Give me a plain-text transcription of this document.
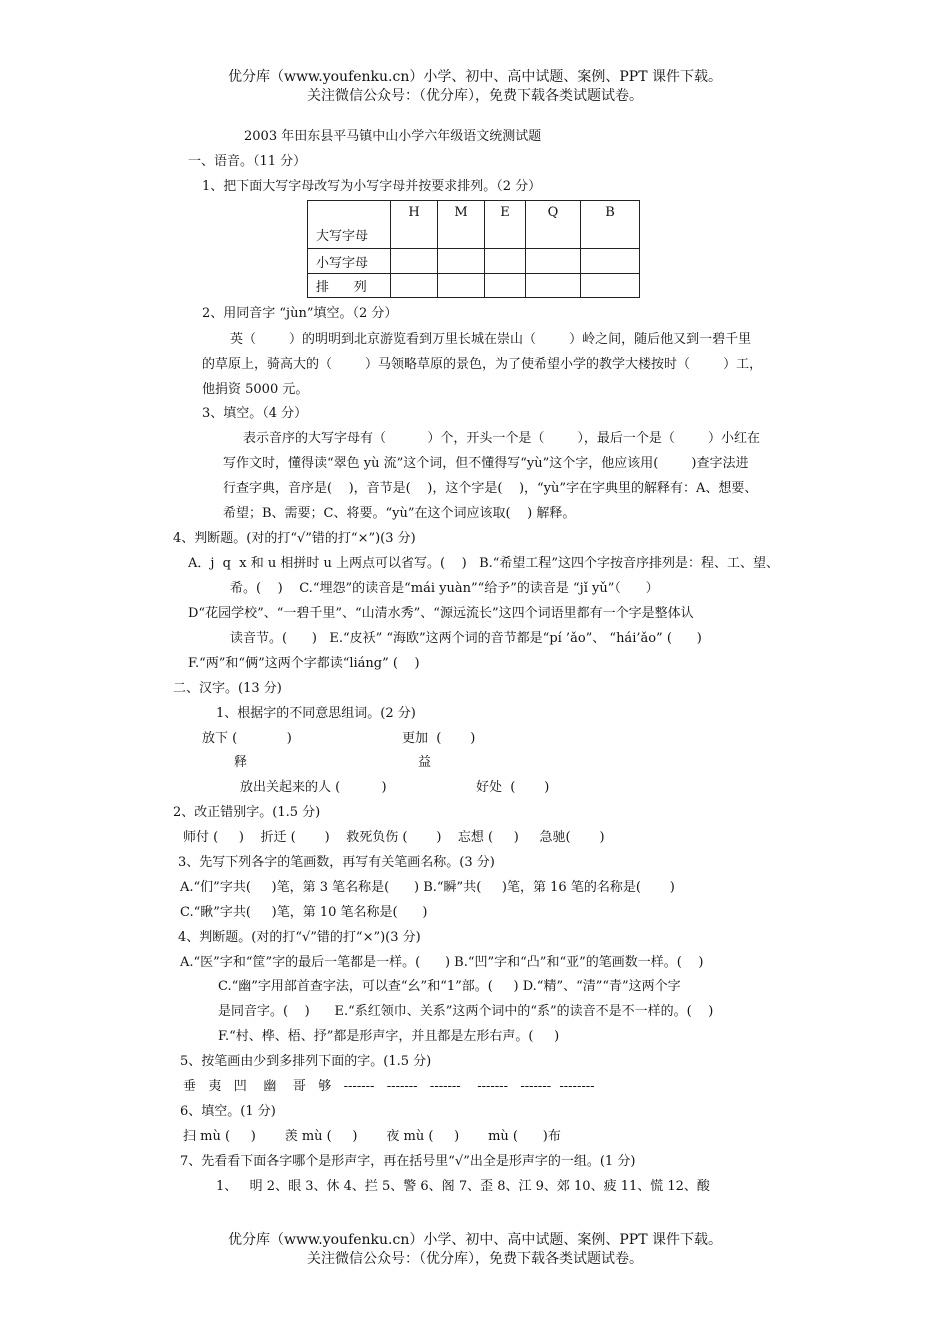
优分库（www.youfenku.cn）小学、初中、高中试题、案例、PPT 课件下载。
关注微信公众号：（优分库），免费下载各类试题试卷。
2003 年田东县平马镇中山小学六年级语文统测试题
一、语音。（11 分）
1、把下面大写字母改写为小写字母并按要求排列。（2 分）
大写字母	H	M	E	Q	B
小写字母					
排      列					
2、用同音字 “jùn”填空。（2 分）
英（        ）的明明到北京游览看到万里长城在崇山（        ）岭之间，随后他又到一碧千里
的草原上，骑高大的（        ）马领略草原的景色，为了使希望小学的教学大楼按时（        ）工，
他捐资 5000 元。
3、填空。（4 分）
表示音序的大写字母有（          ）个，开头一个是（        ），最后一个是（        ）小红在
写作文时，懂得读“翠色 yù 流”这个词，但不懂得写“yù”这个字，他应该用(        )查字法进
行查字典，音序是(    )，音节是(    )，这个字是(    )，“yù”字在字典里的解释有：A、想要、
希望；B、需要；C、将要。“yù”在这个词应该取(    ) 解释。
4、判断题。(对的打“√”错的打“×”)(3 分)
A．j  q  x 和 u 相拼时 u 上两点可以省写。(    )   B.“希望工程”这四个字按音序排列是：程、工、望、
希。(    )    C.“埋怨”的读音是“mái yuàn”“给予”的读音是 “jǐ yǔ”（      ）
D“花园学校”、“一碧千里”、“山清水秀”、“源远流长”这四个词语里都有一个字是整体认
读音节。(      )   E.“皮袄” “海欧”这两个词的音节都是“pí ’ǎo”、 “hái’ǎo” (      )
F.“两”和“俩”这两个字都读“liáng” (    )
二、汉字。(13 分)
1、根据字的不同意思组词。(2 分)
放下 (            )	更加  (       )
释	益
放出关起来的人 (          )	好处  (       )
2、改正错别字。(1.5 分)
师付 (     )    折迁 (       )    救死负伤 (       )    忘想 (     )     急驰(       )
3、先写下列各字的笔画数，再写有关笔画名称。(3 分)
A.“们”字共(     )笔，第 3 笔名称是(      ) B.“瞬”共(     )笔，第 16 笔的名称是(       )
C.“瞅”字共(     )笔，第 10 笔名称是(      )
4、判断题。(对的打“√”错的打“×”)(3 分)
A.“医”字和“筐”字的最后一笔都是一样。(      ) B.“凹”字和“凸”和“亚”的笔画数一样。(    )
C.“幽”字用部首查字法，可以查“幺”和“1”部。(     ) D.“精”、“清”“青”这两个字
是同音字。(    )      E.“系红领巾、关系”这两个词中的“系”的读音不是不一样的。(    )
F.“村、桦、梧、抒”都是形声字，并且都是左形右声。(     )
5、按笔画由少到多排列下面的字。(1.5 分)
垂   夷   凹    幽    哥   够   -------   -------   -------    -------   -------  --------
6、填空。(1 分)
扫 mù (     )       羡 mù (     )       夜 mù (     )       mù (      )布
7、先看看下面各字哪个是形声字，再在括号里“√”出全是形声字的一组。(1 分)
1、   明 2、眼 3、休 4、拦 5、警 6、阁 7、歪 8、江 9、郊 10、疲 11、慌 12、酸
优分库（www.youfenku.cn）小学、初中、高中试题、案例、PPT 课件下载。
关注微信公众号：（优分库），免费下载各类试题试卷。
